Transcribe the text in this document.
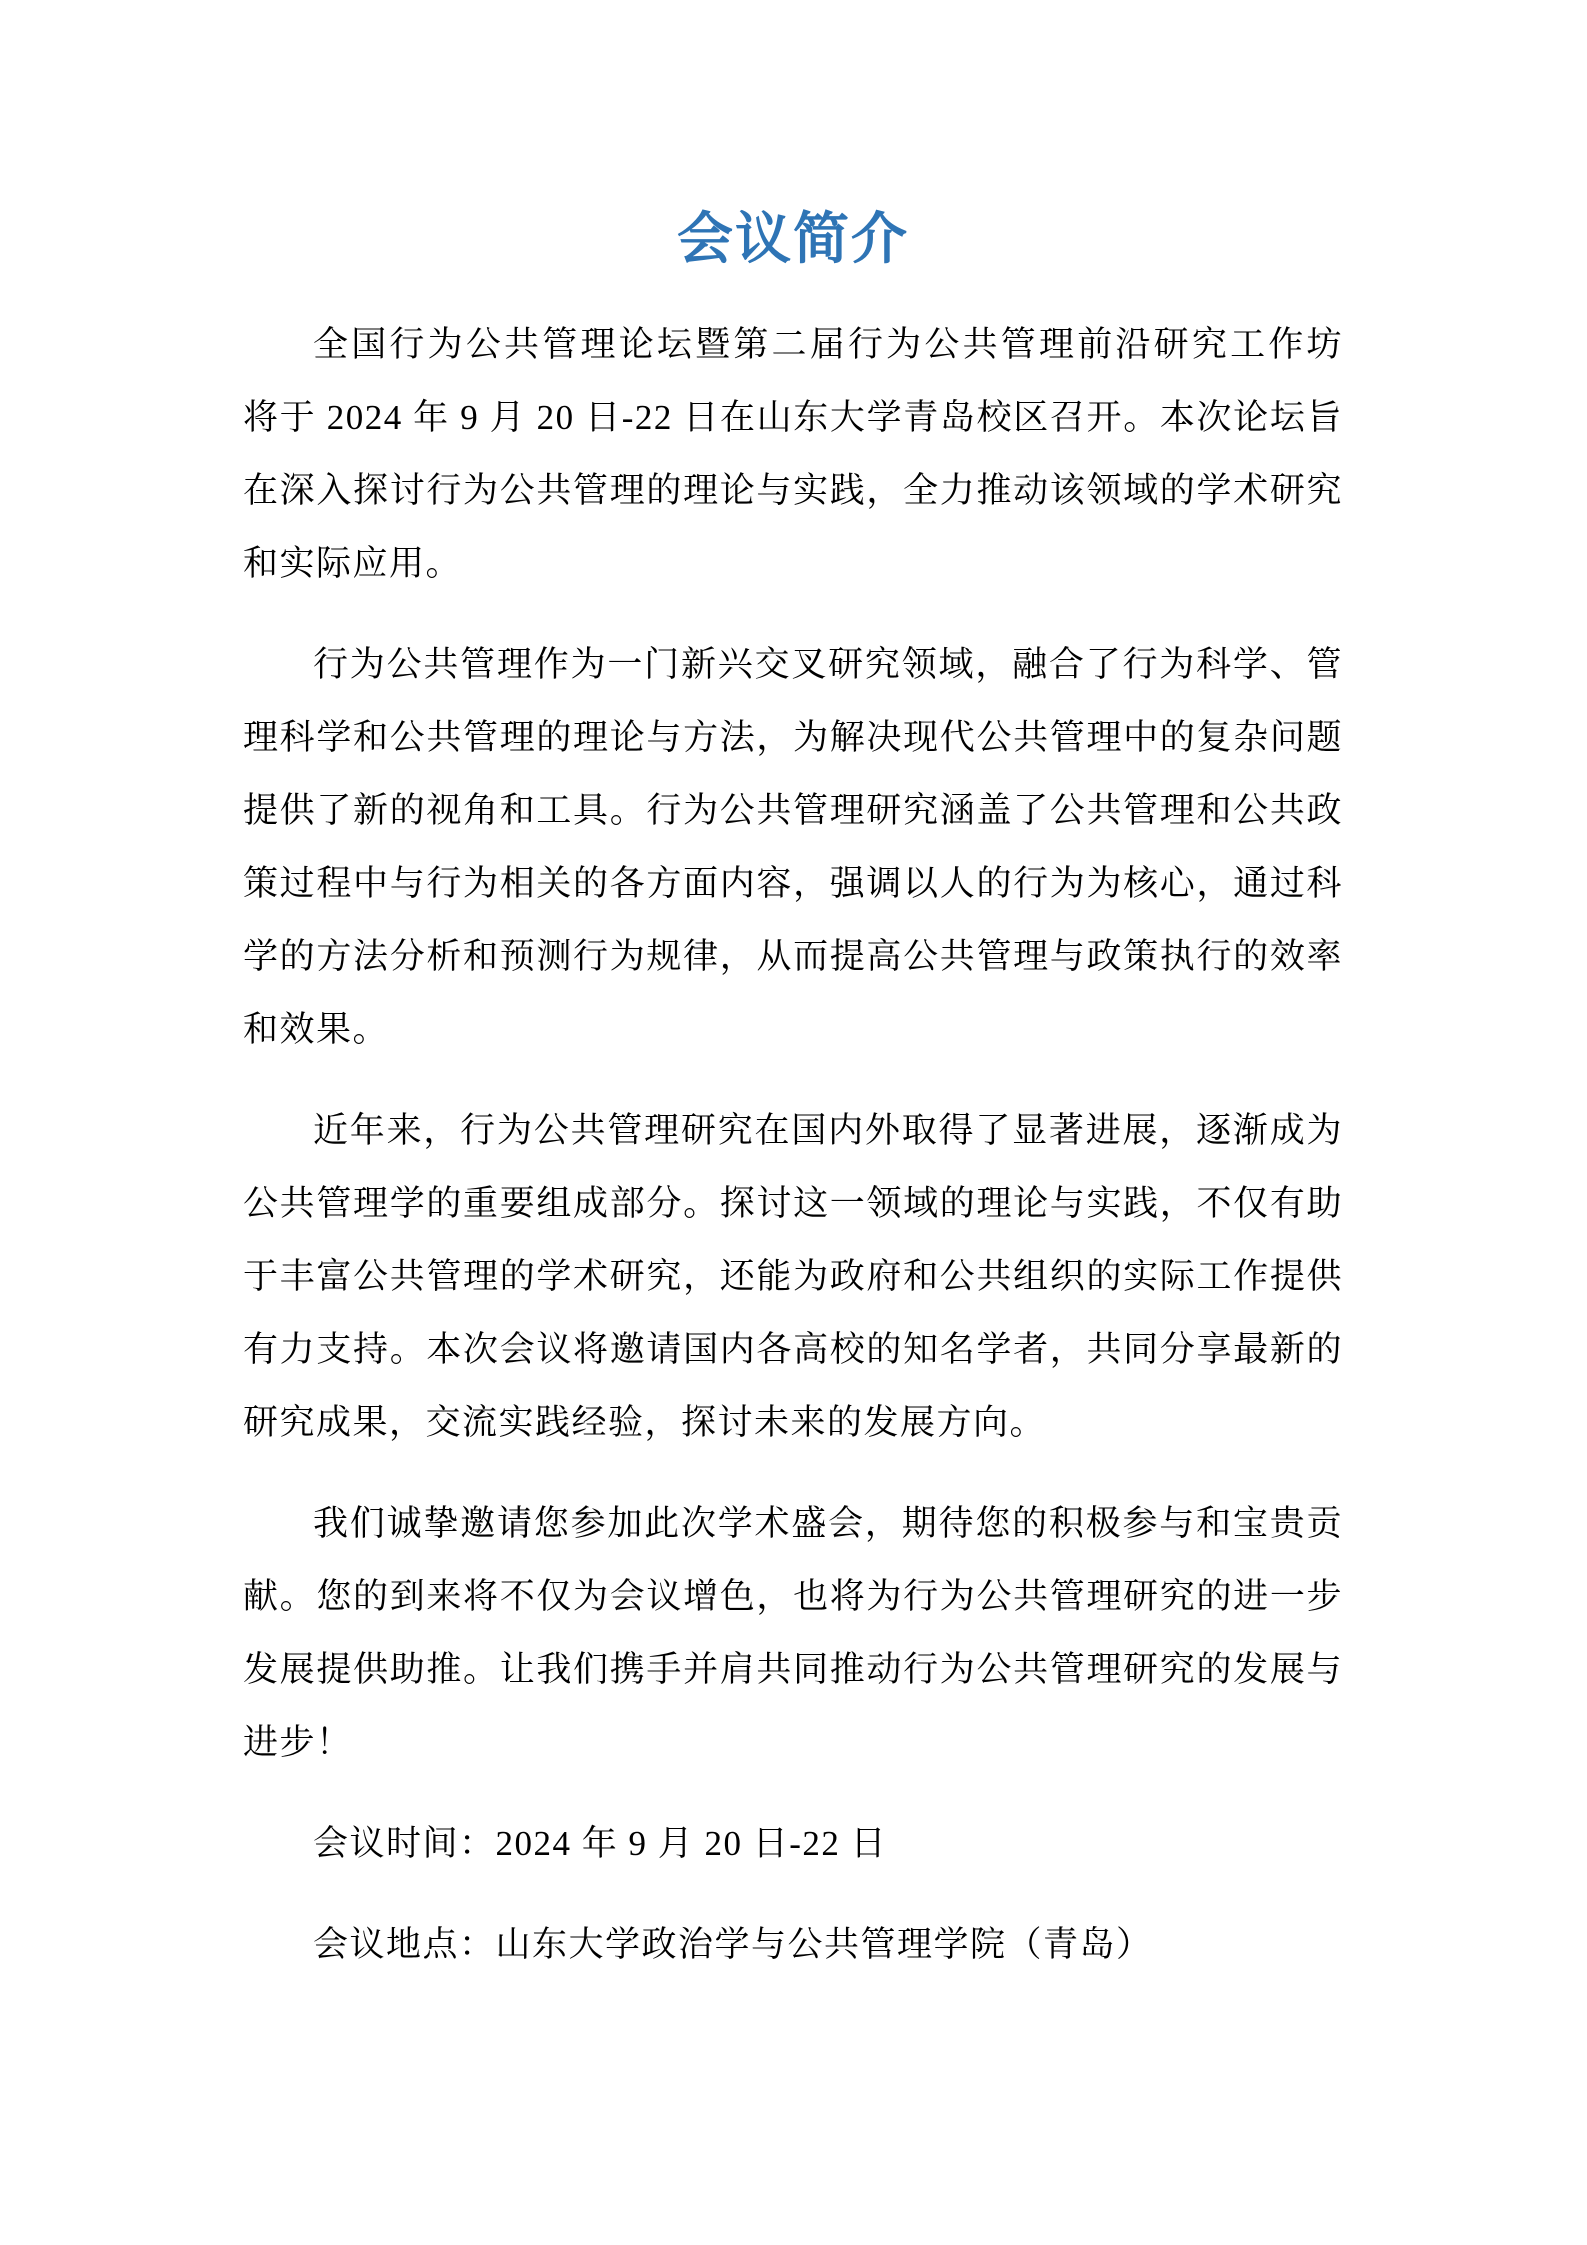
会议简介
全国行为公共管理论坛暨第二届行为公共管理前沿研究工作坊
将于 2024 年 9 月 20 日-22 日在山东大学青岛校区召开。本次论坛旨
在深入探讨行为公共管理的理论与实践，全力推动该领域的学术研究
和实际应用。
行为公共管理作为一门新兴交叉研究领域，融合了行为科学、管
理科学和公共管理的理论与方法，为解决现代公共管理中的复杂问题
提供了新的视角和工具。行为公共管理研究涵盖了公共管理和公共政
策过程中与行为相关的各方面内容，强调以人的行为为核心，通过科
学的方法分析和预测行为规律，从而提高公共管理与政策执行的效率
和效果。
近年来，行为公共管理研究在国内外取得了显著进展，逐渐成为
公共管理学的重要组成部分。探讨这一领域的理论与实践，不仅有助
于丰富公共管理的学术研究，还能为政府和公共组织的实际工作提供
有力支持。本次会议将邀请国内各高校的知名学者，共同分享最新的
研究成果，交流实践经验，探讨未来的发展方向。
我们诚挚邀请您参加此次学术盛会，期待您的积极参与和宝贵贡
献。您的到来将不仅为会议增色，也将为行为公共管理研究的进一步
发展提供助推。让我们携手并肩共同推动行为公共管理研究的发展与
进步！
会议时间：2024 年 9 月 20 日-22 日
会议地点：山东大学政治学与公共管理学院（青岛）
